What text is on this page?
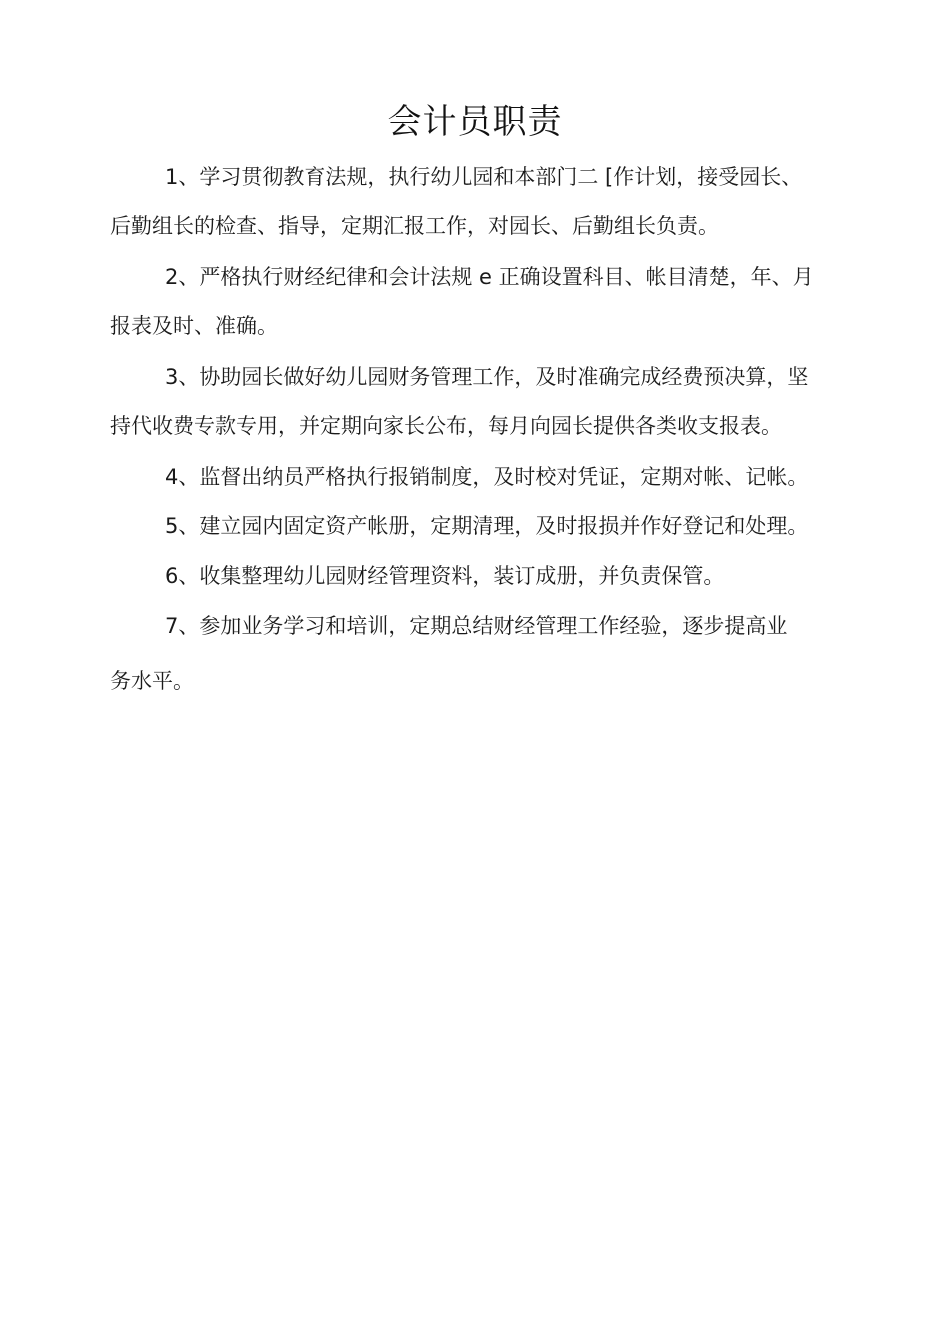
会计员职责
1、学习贯彻教育法规，执行幼儿园和本部门二 [作计划，接受园长、
后勤组长的检查、指导，定期汇报工作，对园长、后勤组长负责。
2、严格执行财经纪律和会计法规 e 正确设置科目、帐目清楚，年、月
报表及时、准确。
3、协助园长做好幼儿园财务管理工作，及时准确完成经费预决算，坚
持代收费专款专用，并定期向家长公布，每月向园长提供各类收支报表。
4、监督出纳员严格执行报销制度，及时校对凭证，定期对帐、记帐。
5、建立园内固定资产帐册，定期清理，及时报损并作好登记和处理。
6、收集整理幼儿园财经管理资料，装订成册，并负责保管。
7、参加业务学习和培训，定期总结财经管理工作经验，逐步提高业
务水平。
